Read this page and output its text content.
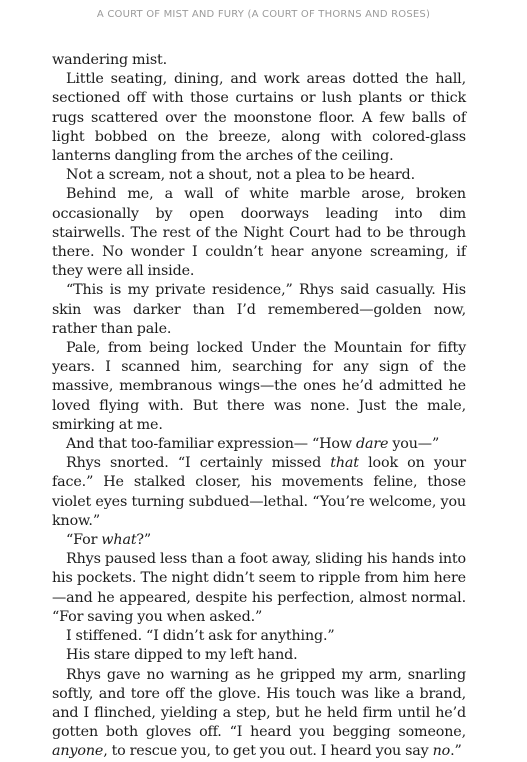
A COURT OF MIST AND FURY (A COURT OF THORNS AND ROSES)

wandering mist.

Little seating, dining, and work areas dotted the hall, sectioned off with those curtains or lush plants or thick rugs scattered over the moonstone floor. A few balls of light bobbed on the breeze, along with colored-glass lanterns dangling from the arches of the ceiling.

Not a scream, not a shout, not a plea to be heard.

Behind me, a wall of white marble arose, broken occasionally by open doorways leading into dim stairwells. The rest of the Night Court had to be through there. No wonder I couldn’t hear anyone screaming, if they were all inside.

“This is my private residence,” Rhys said casually. His skin was darker than I’d remembered—golden now, rather than pale.

Pale, from being locked Under the Mountain for fifty years. I scanned him, searching for any sign of the massive, membranous wings—the ones he’d admitted he loved flying with. But there was none. Just the male, smirking at me.

And that too-familiar expression— “How dare you—”

Rhys snorted. “I certainly missed that look on your face.” He stalked closer, his movements feline, those violet eyes turning subdued—lethal. “You’re welcome, you know.”

“For what?”

Rhys paused less than a foot away, sliding his hands into his pockets. The night didn’t seem to ripple from him here—and he appeared, despite his perfection, almost normal. “For saving you when asked.”

I stiffened. “I didn’t ask for anything.”

His stare dipped to my left hand.

Rhys gave no warning as he gripped my arm, snarling softly, and tore off the glove. His touch was like a brand, and I flinched, yielding a step, but he held firm until he’d gotten both gloves off. “I heard you begging someone, anyone, to rescue you, to get you out. I heard you say no.”
